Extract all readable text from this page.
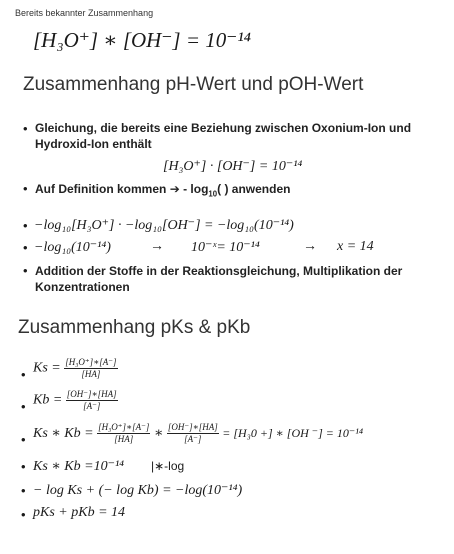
Bereits bekannter Zusammenhang
[H₃O⁺] ∗ [OH⁻] = 10⁻¹⁴
Zusammenhang pH-Wert und pOH-Wert
• Gleichung, die bereits eine Beziehung zwischen Oxonium-Ion und
Hydroxid-Ion enthält
[H₃O⁺] · [OH⁻] = 10⁻¹⁴
• Auf Definition kommen ➔ - $\log_{10}$( ) anwenden
• −log₁₀[H₃O⁺] · −log₁₀[OH⁻] = −log₁₀(10⁻¹⁴)
• −log₁₀(10⁻¹⁴)	→ 10⁻ˣ= 10⁻¹⁴	→ x = 14
• Addition der Stoffe in der Reaktionsgleichung, Multiplikation der
Konzentrationen
Zusammenhang pKs & pKb
• $Ks = \frac{\text{[H₃O⁺]∗[A⁻]}}{[HA]}$
• $Kb = \frac{[OH^-]∗[HA]}{[A^-]}$
• Ks ∗ $Kb = \frac{\text{[H₃O⁺]∗[A⁻]}}{[HA]}$ ∗ $\frac{[OH^-]∗[HA]}{[A^-]} = [H_30$ +] ∗ [OH ⁻] = 10⁻¹⁴
• Ks ∗ Kb =10⁻¹⁴ |∗-log
• − log Ks + (− log Kb) = −log(10⁻¹⁴)
• pKs + pKb = 14
